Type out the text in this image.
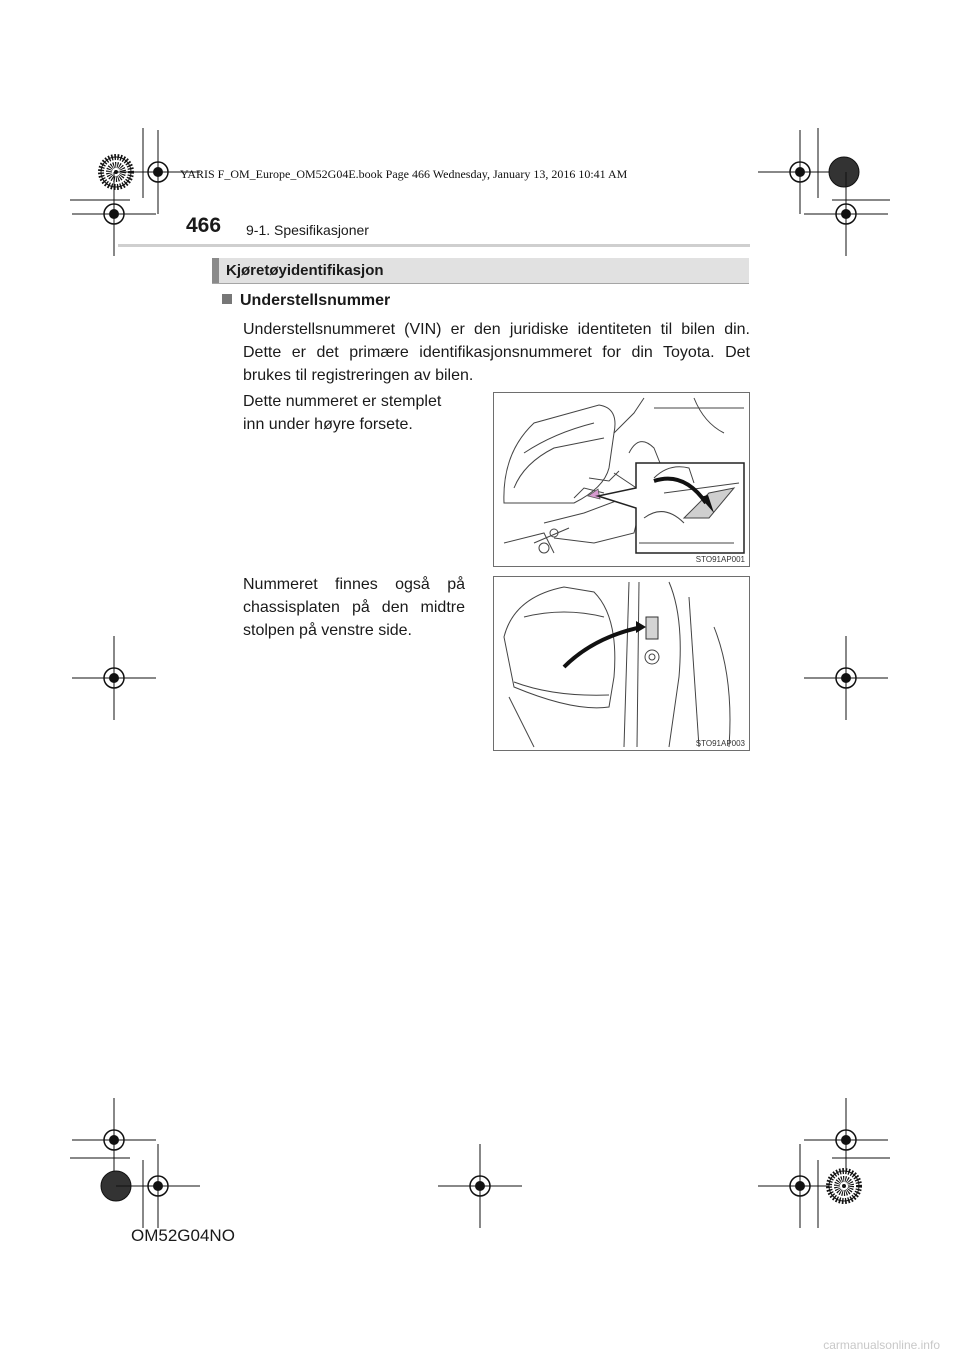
YARIS F_OM_Europe_OM52G04E.book Page 466 Wednesday, January 13, 2016 10:41 AM
466 9-1. Spesifikasjoner
Kjøretøyidentifikasjon
Understellsnummer
Understellsnummeret (VIN) er den juridiske identiteten til bilen din. Dette er det primære identifikasjonsnummeret for din Toyota. Det brukes til registreringen av bilen.
Dette nummeret er stemplet inn under høyre forsete.
Nummeret finnes også på chassisplaten på den midtre stolpen på venstre side.
STO91AP001
STO91AP003
OM52G04NO
carmanualsonline.info
